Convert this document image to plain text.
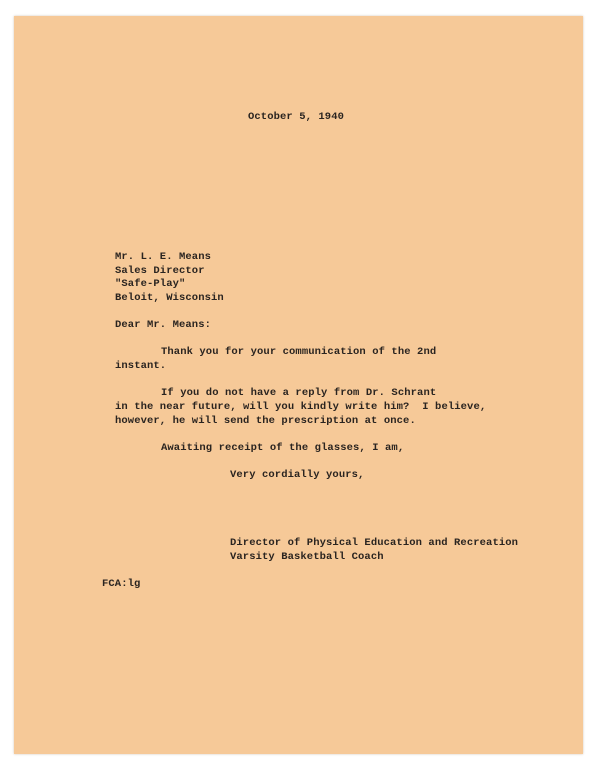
October 5, 1940
Mr. L. E. Means
Sales Director
"Safe-Play"
Beloit, Wisconsin
Dear Mr. Means:
Thank you for your communication of the 2nd
instant.
If you do not have a reply from Dr. Schrant
in the near future, will you kindly write him?  I believe,
however, he will send the prescription at once.
Awaiting receipt of the glasses, I am,
Very cordially yours,
Director of Physical Education and Recreation
Varsity Basketball Coach
FCA:lg
